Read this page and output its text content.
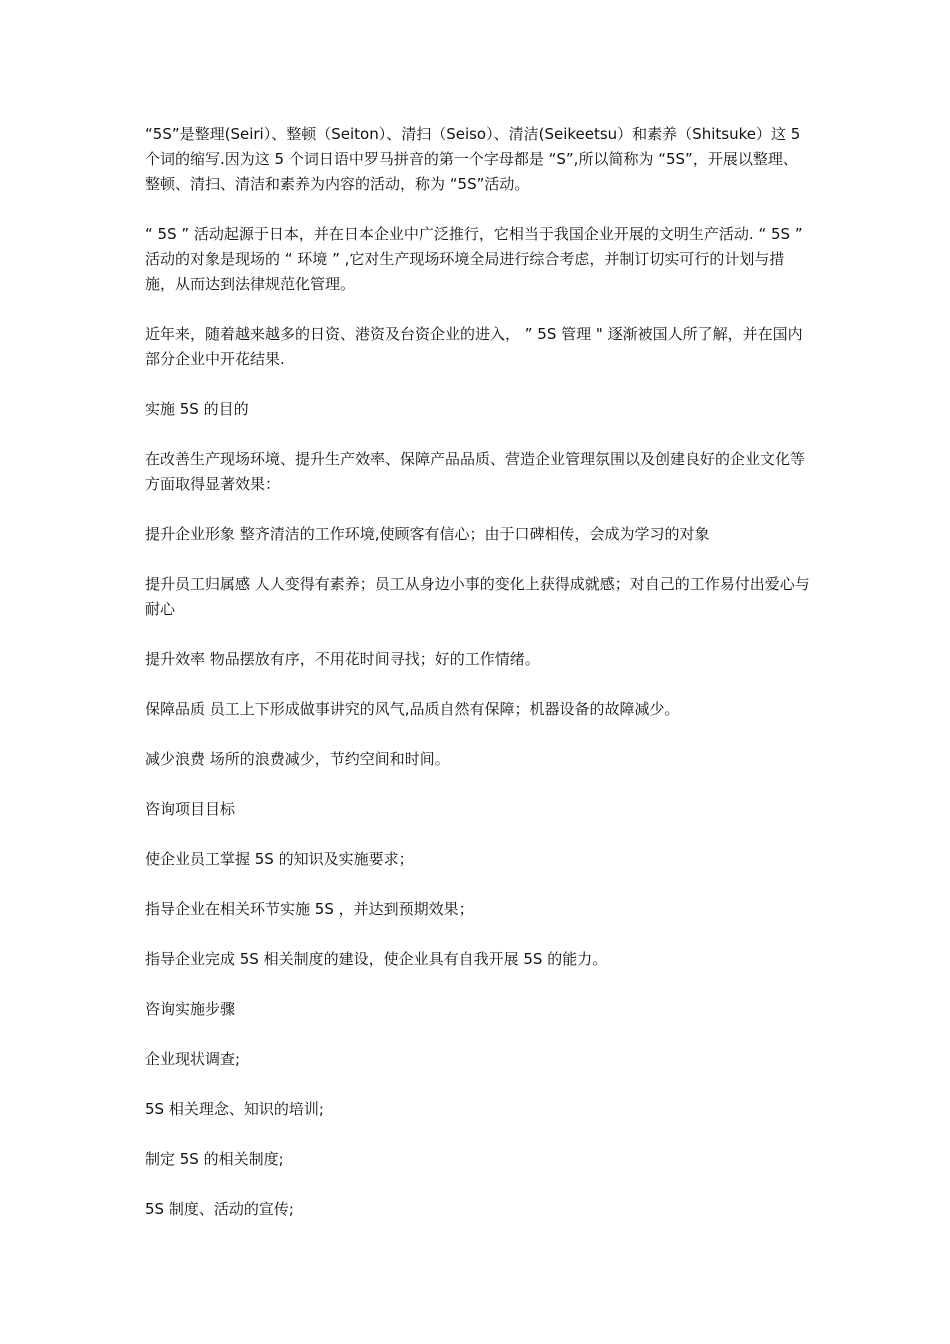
“5S”是整理(Seiri）、整顿（Seiton）、清扫（Seiso）、清洁(Seikeetsu）和素养（Shitsuke）这 5 个词的缩写.因为这 5 个词日语中罗马拼音的第一个字母都是 “S”,所以简称为 “5S”，开展以整理、整顿、清扫、清洁和素养为内容的活动，称为 “5S”活动。

“ 5S ” 活动起源于日本，并在日本企业中广泛推行，它相当于我国企业开展的文明生产活动. “ 5S ” 活动的对象是现场的 “ 环境 ” ,它对生产现场环境全局进行综合考虑，并制订切实可行的计划与措施，从而达到法律规范化管理。

近年来，随着越来越多的日资、港资及台资企业的进入， ” 5S 管理 " 逐渐被国人所了解，并在国内部分企业中开花结果.

实施 5S 的目的

在改善生产现场环境、提升生产效率、保障产品品质、营造企业管理氛围以及创建良好的企业文化等方面取得显著效果：

提升企业形象 整齐清洁的工作环境,使顾客有信心；由于口碑相传，会成为学习的对象

提升员工归属感 人人变得有素养；员工从身边小事的变化上获得成就感；对自己的工作易付出爱心与耐心

提升效率 物品摆放有序，不用花时间寻找；好的工作情绪。

保障品质 员工上下形成做事讲究的风气,品质自然有保障；机器设备的故障减少。

减少浪费 场所的浪费减少，节约空间和时间。

咨询项目目标

使企业员工掌握 5S 的知识及实施要求；

指导企业在相关环节实施 5S ，并达到预期效果；

指导企业完成 5S 相关制度的建设，使企业具有自我开展 5S 的能力。

咨询实施步骤

企业现状调查;

5S 相关理念、知识的培训;

制定 5S 的相关制度;

5S 制度、活动的宣传;
